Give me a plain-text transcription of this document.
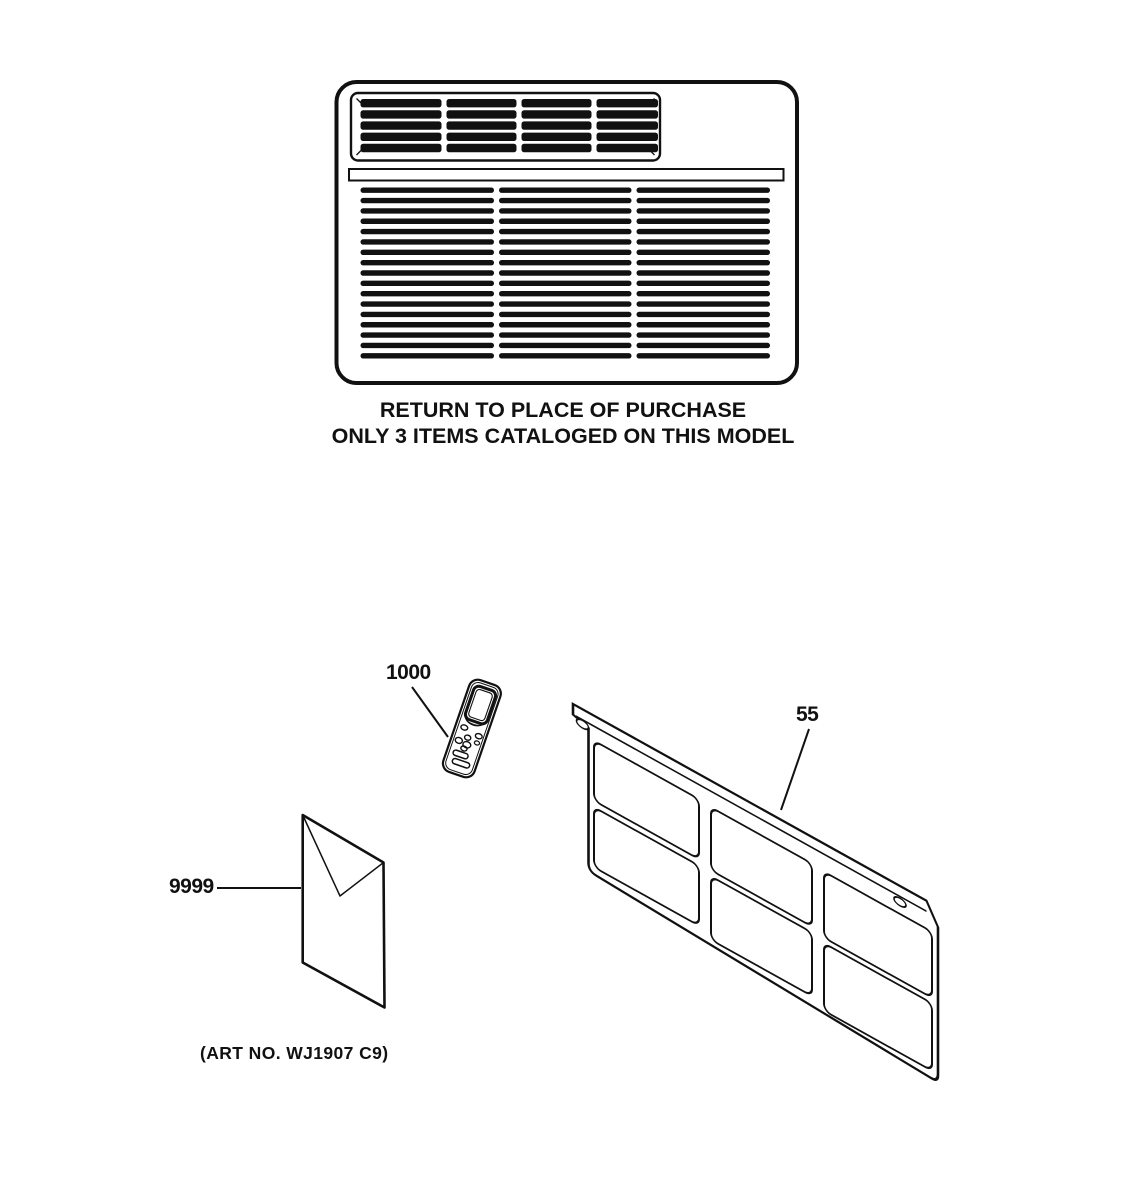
RETURN TO PLACE OF PURCHASE
ONLY 3 ITEMS CATALOGED ON THIS MODEL
1000
9999
55
(ART NO. WJ1907 C9)
